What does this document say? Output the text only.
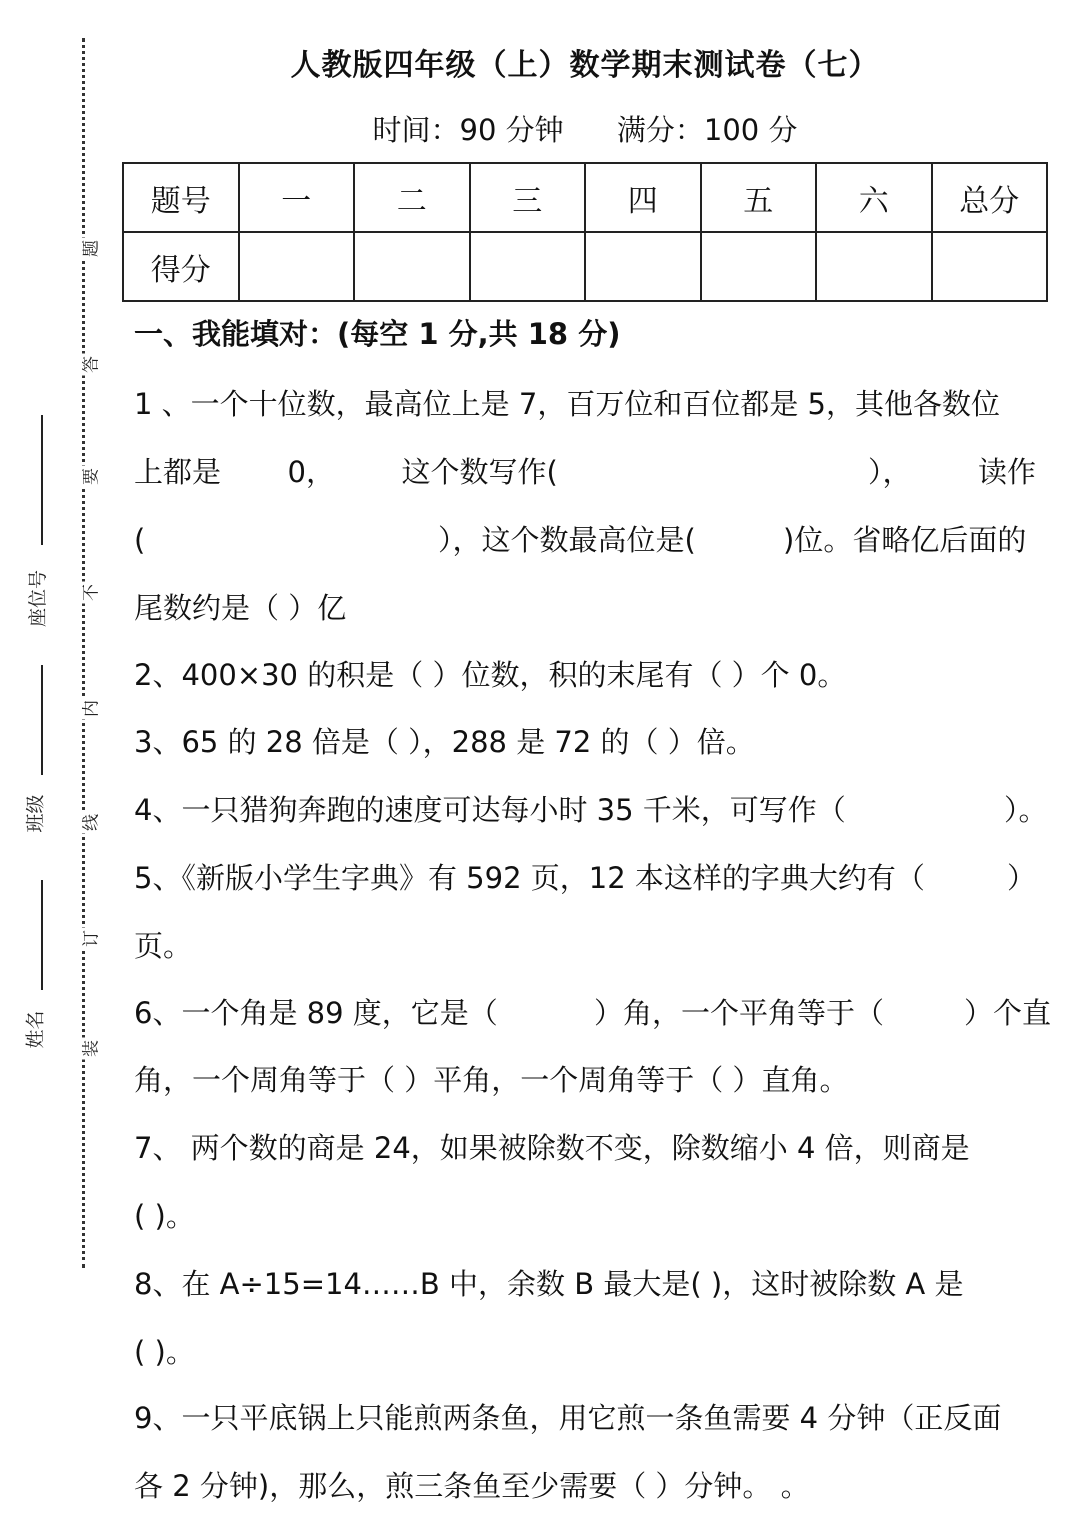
题
答
要
不
内
线
订
装
座位号
班级
姓名
人教版四年级（上）数学期末测试卷（七）
时间：90 分钟 满分：100 分
题号	一	二	三	四	五	六	总分
得分							
一、我能填对：(每空 1 分,共 18 分)
1 、一个十位数，最高位上是 7，百万位和百位都是 5，其他各数位
上都是 0， 这个数写作(	）， 读作
(	），这个数最高位是(	)位。省略亿后面的
尾数约是（ ）亿
2、400×30 的积是（ ）位数，积的末尾有（ ）个 0。
3、65 的 28 倍是（ ），288 是 72 的（ ）倍。
4、一只猎狗奔跑的速度可达每小时 35 千米，可写作（	）。
5、《新版小学生字典》有 592 页，12 本这样的字典大约有（	）
页。
6、一个角是 89 度，它是（	）角，一个平角等于（	）个直
角，一个周角等于（ ）平角，一个周角等于（ ）直角。
7、 两个数的商是 24，如果被除数不变，除数缩小 4 倍，则商是
( )。
8、在 A÷15=14……B 中，余数 B 最大是( )，这时被除数 A 是
( )。
9、一只平底锅上只能煎两条鱼，用它煎一条鱼需要 4 分钟（正反面
各 2 分钟)，那么，煎三条鱼至少需要（ ）分钟。 。
